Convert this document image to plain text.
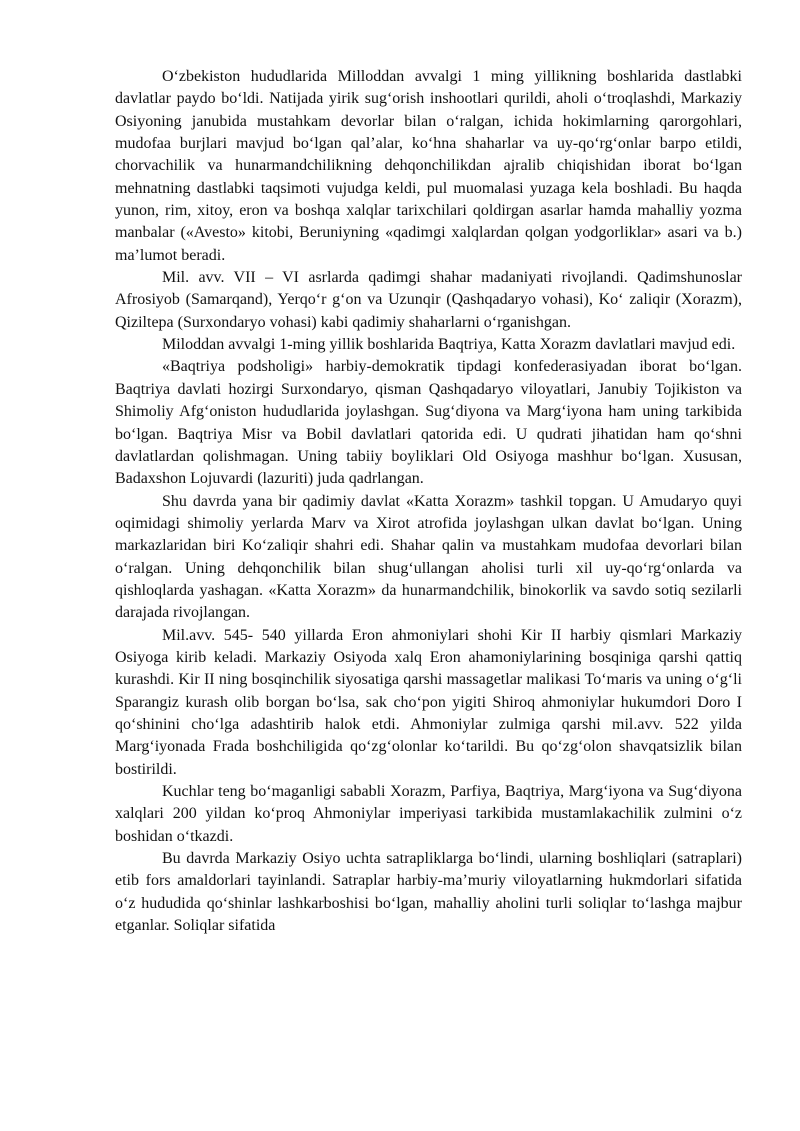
O‘zbekiston hududlarida Milloddan avvalgi 1 ming yillikning boshlarida dastlabki davlatlar paydo bo‘ldi. Natijada yirik sug‘orish inshootlari qurildi, aholi o‘troqlashdi, Markaziy Osiyoning janubida mustahkam devorlar bilan o‘ralgan, ichida hokimlarning qarorgohlari, mudofaa burjlari mavjud bo‘lgan qal’alar, ko‘hna shaharlar va uy-qo‘rg‘onlar barpo etildi, chorvachilik va hunarmandchilikning dehqonchilikdan ajralib chiqishidan iborat bo‘lgan mehnatning dastlabki taqsimoti vujudga keldi, pul muomalasi yuzaga kela boshladi. Bu haqda yunon, rim, xitoy, eron va boshqa xalqlar tarixchilari qoldirgan asarlar hamda mahalliy yozma manbalar («Avesto» kitobi, Beruniyning «qadimgi xalqlardan qolgan yodgorliklar» asari va b.) ma’lumot beradi.

Mil. avv. VII – VI asrlarda qadimgi shahar madaniyati rivojlandi. Qadimshunoslar Afrosiyob (Samarqand), Yerqo‘r g‘on va Uzunqir (Qashqadaryo vohasi), Ko‘ zaliqir (Xorazm), Qiziltepa (Surxondaryo vohasi) kabi qadimiy shaharlarni o‘rganishgan.

Miloddan avvalgi 1-ming yillik boshlarida Baqtriya, Katta Xorazm davlatlari mavjud edi.

«Baqtriya podsholigi» harbiy-demokratik tipdagi konfederasiyadan iborat bo‘lgan. Baqtriya davlati hozirgi Surxondaryo, qisman Qashqadaryo viloyatlari, Janubiy Tojikiston va Shimoliy Afg‘oniston hududlarida joylashgan. Sug‘diyona va Marg‘iyona ham uning tarkibida bo‘lgan. Baqtriya Misr va Bobil davlatlari qatorida edi. U qudrati jihatidan ham qo‘shni davlatlardan qolishmagan. Uning tabiiy boyliklari Old Osiyoga mashhur bo‘lgan. Xususan, Badaxshon Lojuvardi (lazuriti) juda qadrlangan.

Shu davrda yana bir qadimiy davlat «Katta Xorazm» tashkil topgan. U Amudaryo quyi oqimidagi shimoliy yerlarda Marv va Xirot atrofida joylashgan ulkan davlat bo‘lgan. Uning markazlaridan biri Ko‘zaliqir shahri edi. Shahar qalin va mustahkam mudofaa devorlari bilan o‘ralgan. Uning dehqonchilik bilan shug‘ullangan aholisi turli xil uy-qo‘rg‘onlarda va qishloqlarda yashagan. «Katta Xorazm» da hunarmandchilik, binokorlik va savdo sotiq sezilarli darajada rivojlangan.

Mil.avv. 545- 540 yillarda Eron ahmoniylari shohi Kir II harbiy qismlari Markaziy Osiyoga kirib keladi. Markaziy Osiyoda xalq Eron ahamoniylarining bosqiniga qarshi qattiq kurashdi. Kir II ning bosqinchilik siyosatiga qarshi massagetlar malikasi To‘maris va uning o‘g‘li Sparangiz kurash olib borgan bo‘lsa, sak cho‘pon yigiti Shiroq ahmoniylar hukumdori Doro I qo‘shinini cho‘lga adashtirib halok etdi. Ahmoniylar zulmiga qarshi mil.avv. 522 yilda Marg‘iyonada Frada boshchiligida qo‘zg‘olonlar ko‘tarildi. Bu qo‘zg‘olon shavqatsizlik bilan bostirildi.

Kuchlar teng bo‘maganligi sababli Xorazm, Parfiya, Baqtriya, Marg‘iyona va Sug‘diyona xalqlari 200 yildan ko‘proq Ahmoniylar imperiyasi tarkibida mustamlakachilik zulmini o‘z boshidan o‘tkazdi.

Bu davrda Markaziy Osiyo uchta satrapliklarga bo‘lindi, ularning boshliqlari (satraplari) etib fors amaldorlari tayinlandi. Satraplar harbiy-ma’muriy viloyatlarning hukmdorlari sifatida o‘z hududida qo‘shinlar lashkarboshisi bo‘lgan, mahalliy aholini turli soliqlar to‘lashga majbur etganlar. Soliqlar sifatida
